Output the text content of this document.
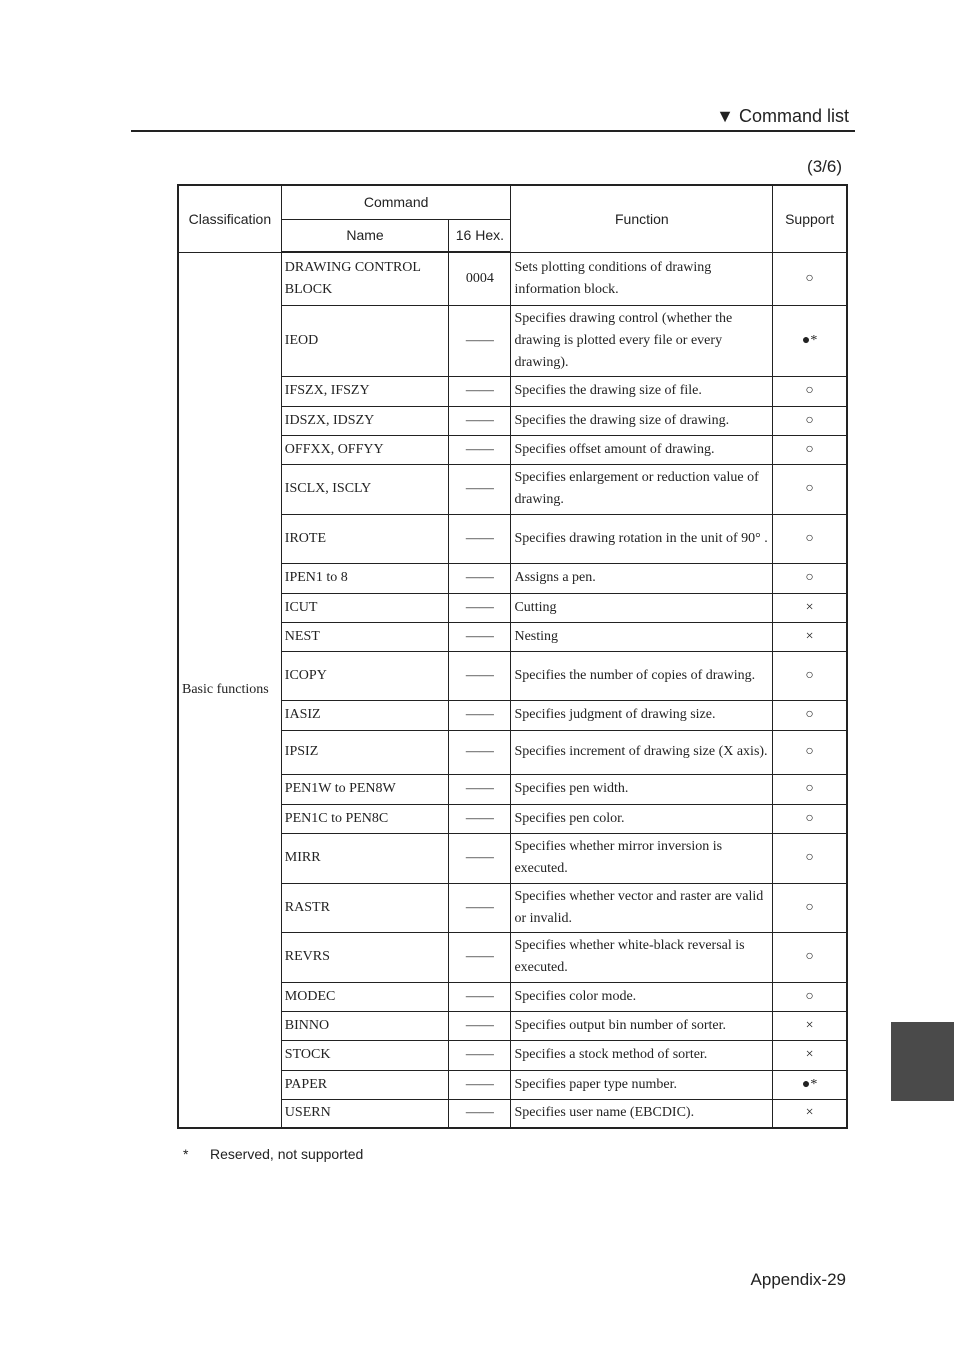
▼ Command list
(3/6)
Classification	Command		Function	Support
	Name	16 Hex.		
Basic functions	DRAWING CONTROL BLOCK	0004	Sets plotting conditions of drawing information block.	○
	IEOD	——	Specifies drawing control (whether the drawing is plotted every file or every drawing).	●*
	IFSZX, IFSZY	——	Specifies the drawing size of file.	○
	IDSZX, IDSZY	——	Specifies the drawing size of drawing.	○
	OFFXX, OFFYY	——	Specifies offset amount of drawing.	○
	ISCLX, ISCLY	——	Specifies enlargement or reduction value of drawing.	○
	IROTE	——	Specifies drawing rotation in the unit of 90° .	○
	IPEN1 to 8	——	Assigns a pen.	○
	ICUT	——	Cutting	×
	NEST	——	Nesting	×
	ICOPY	——	Specifies the number of copies of drawing.	○
	IASIZ	——	Specifies judgment of drawing size.	○
	IPSIZ	——	Specifies increment of drawing size (X axis).	○
	PEN1W to PEN8W	——	Specifies pen width.	○
	PEN1C to PEN8C	——	Specifies pen color.	○
	MIRR	——	Specifies whether mirror inversion is executed.	○
	RASTR	——	Specifies whether vector and raster are valid or invalid.	○
	REVRS	——	Specifies whether white-black reversal is executed.	○
	MODEC	——	Specifies color mode.	○
	BINNO	——	Specifies output bin number of sorter.	×
	STOCK	——	Specifies a stock method of sorter.	×
	PAPER	——	Specifies paper type number.	●*
	USERN	——	Specifies user name (EBCDIC).	×
* Reserved, not supported
Appendix-29
